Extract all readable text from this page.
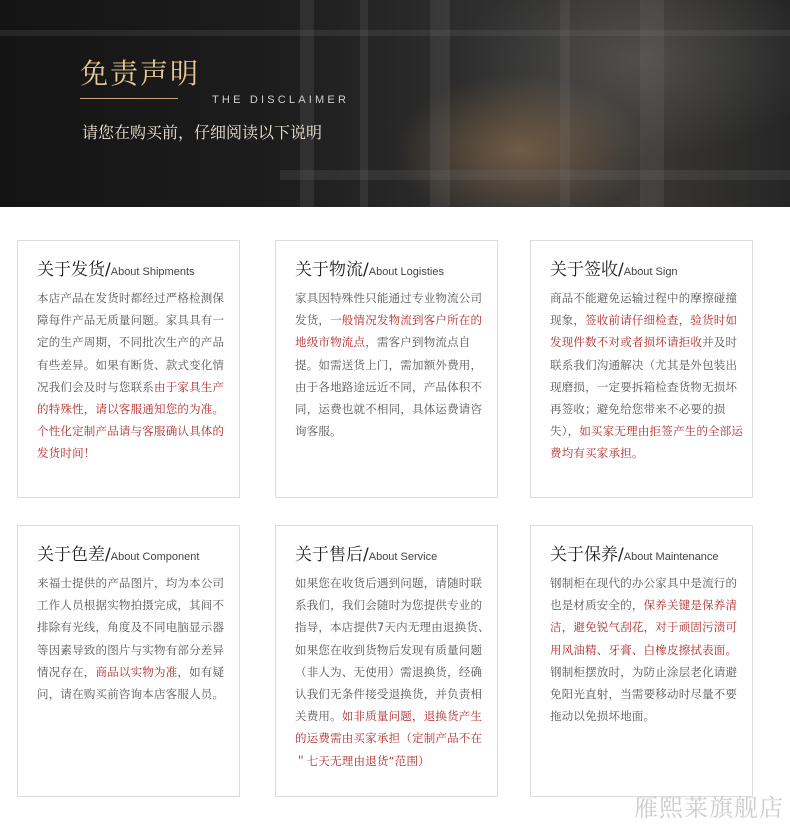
免责声明
THE DISCLAIMER
请您在购买前，仔细阅读以下说明
关于发货/About Shipments

本店产品在发货时都经过严格检测保障每件产品无质量问题。家具具有一定的生产周期，不同批次生产的产品有些差异。如果有断货、款式变化情况我们会及时与您联系由于家具生产的特殊性，请以客服通知您的为准。个性化定制产品请与客服确认具体的发货时间！

关于物流/About Logisties

家具因特殊性只能通过专业物流公司发货，一般情况发物流到客户所在的地级市物流点，需客户到物流点自提。如需送货上门，需加额外费用，由于各地路途远近不同，产品体积不同，运费也就不相同，具体运费请咨询客服。

关于签收/About Sign

商品不能避免运输过程中的摩擦碰撞现象，签收前请仔细检查，验货时如发现件数不对或者损坏请拒收并及时联系我们沟通解决（尤其是外包装出现磨损，一定要拆箱检查货物无损坏再签收；避免给您带来不必要的损失），如买家无理由拒签产生的全部运费均有买家承担。

关于色差/About Component

来福士提供的产品图片，均为本公司工作人员根据实物拍摄完成，其间不排除有光线，角度及不同电脑显示器等因素导致的图片与实物有部分差异情况存在，商品以实物为准，如有疑问，请在购买前咨询本店客服人员。

关于售后/About Service

如果您在收货后遇到问题，请随时联系我们，我们会随时为您提供专业的指导，本店提供7天内无理由退换货、如果您在收到货物后发现有质量问题（非人为、无使用）需退换货，经确认我们无条件接受退换货，并负责相关费用。如非质量问题，退换货产生的运费需由买家承担（定制产品不在＂七天无理由退货“范围）

关于保养/About Maintenance

钢制柜在现代的办公家具中是流行的也是材质安全的，保养关键是保养清洁，避免锐气刮花，对于顽固污渍可用风油精、牙膏、白橡皮擦拭表面。

钢制柜摆放时，为防止涂层老化请避免阳光直射，当需要移动时尽量不要拖动以免损坏地面。

雁熙莱旗舰店
